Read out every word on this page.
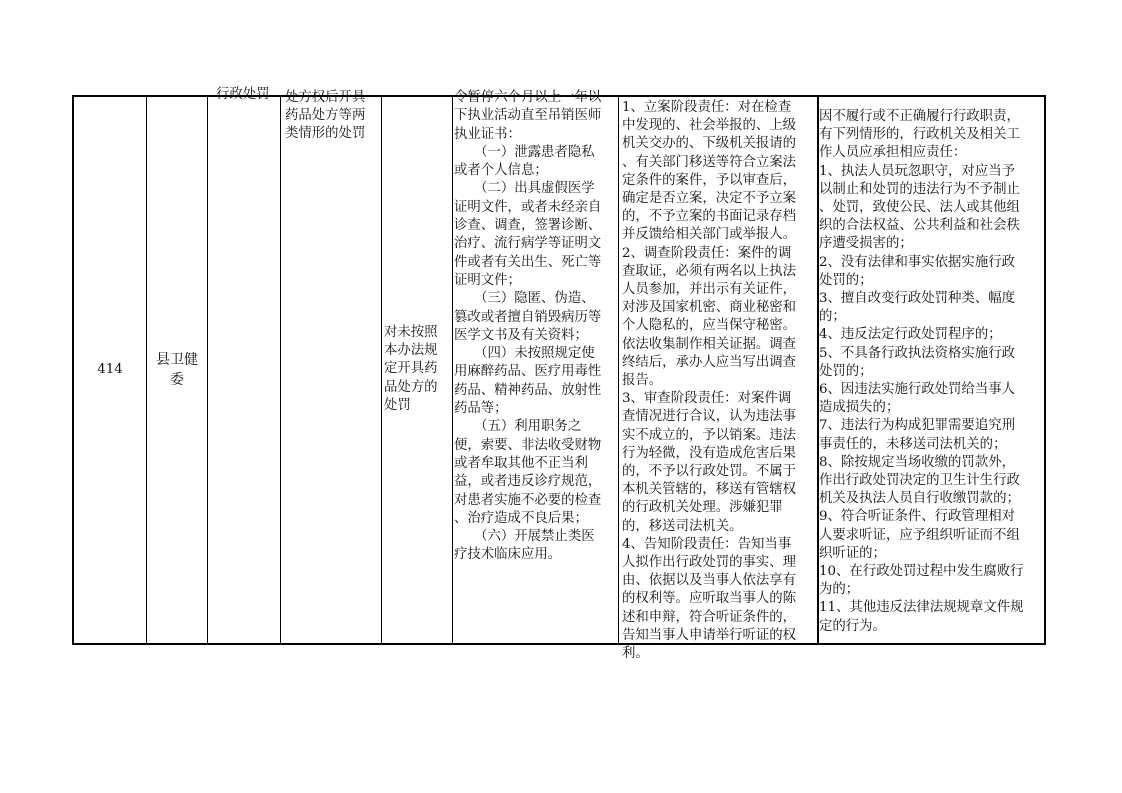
414
县卫健
委
行政处罚	处方权后开具
药品处方等两
类情形的处罚
对未按照
本办法规
定开具药
品处方的
处罚
令暂停六个月以上一年以
下执业活动直至吊销医师
执业证书：
　　（一）泄露患者隐私
或者个人信息；
　　（二）出具虚假医学
证明文件，或者未经亲自
诊查、调查，签署诊断、
治疗、流行病学等证明文
件或者有关出生、死亡等
证明文件；
　　（三）隐匿、伪造、
篡改或者擅自销毁病历等
医学文书及有关资料；
　　（四）未按照规定使
用麻醉药品、医疗用毒性
药品、精神药品、放射性
药品等；
　　（五）利用职务之
便，索要、非法收受财物
或者牟取其他不正当利
益，或者违反诊疗规范，
对患者实施不必要的检查
、治疗造成不良后果；
　　（六）开展禁止类医
疗技术临床应用。
1、立案阶段责任：对在检查
中发现的、社会举报的、上级
机关交办的、下级机关报请的
、有关部门移送等符合立案法
定条件的案件，予以审查后，
确定是否立案，决定不予立案
的，不予立案的书面记录存档
并反馈给相关部门或举报人。
2、调查阶段责任：案件的调
查取证，必须有两名以上执法
人员参加，并出示有关证件，
对涉及国家机密、商业秘密和
个人隐私的，应当保守秘密。
依法收集制作相关证据。调查
终结后，承办人应当写出调查
报告。
3、审查阶段责任：对案件调
查情况进行合议，认为违法事
实不成立的，予以销案。违法
行为轻微，没有造成危害后果
的，不予以行政处罚。不属于
本机关管辖的，移送有管辖权
的行政机关处理。涉嫌犯罪
的，移送司法机关。
4、告知阶段责任：告知当事
人拟作出行政处罚的事实、理
由、依据以及当事人依法享有
的权利等。应听取当事人的陈
述和申辩，符合听证条件的，
告知当事人申请举行听证的权
利。
因不履行或不正确履行行政职责，
有下列情形的，行政机关及相关工
作人员应承担相应责任：
1、执法人员玩忽职守，对应当予
以制止和处罚的违法行为不予制止
、处罚，致使公民、法人或其他组
织的合法权益、公共利益和社会秩
序遭受损害的；
2、没有法律和事实依据实施行政
处罚的；
3、擅自改变行政处罚种类、幅度
的；
4、违反法定行政处罚程序的；
5、不具备行政执法资格实施行政
处罚的；
6、因违法实施行政处罚给当事人
造成损失的；
7、违法行为构成犯罪需要追究刑
事责任的，未移送司法机关的；
8、除按规定当场收缴的罚款外，
作出行政处罚决定的卫生计生行政
机关及执法人员自行收缴罚款的；
9、符合听证条件、行政管理相对
人要求听证，应予组织听证而不组
织听证的；
10、在行政处罚过程中发生腐败行
为的；
11、其他违反法律法规规章文件规
定的行为。
